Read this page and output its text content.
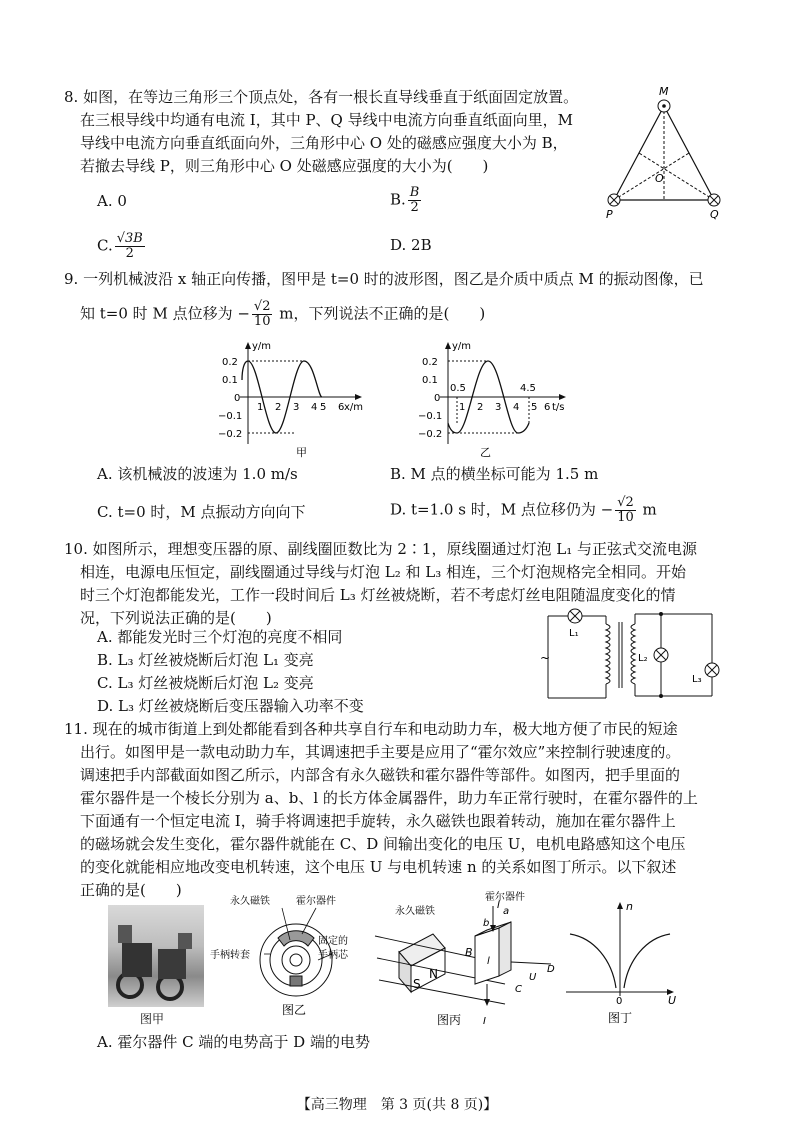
8. 如图，在等边三角形三个顶点处，各有一根长直导线垂直于纸面固定放置。
在三根导线中均通有电流 I，其中 P、Q 导线中电流方向垂直纸面向里，M
导线中电流方向垂直纸面向外，三角形中心 O 处的磁感应强度大小为 B，
若撤去导线 P，则三角形中心 O 处磁感应强度的大小为(　　)
A. 0	B. $\frac{B}{2}$
C. $\frac{√3B}{2}$	D. 2B
M
O
P	Q
9. 一列机械波沿 x 轴正向传播，图甲是 t=0 时的波形图，图乙是介质中质点 M 的振动图像，已
知 t=0 时 M 点位移为 − $\frac{√2}{10}$ m，下列说法不正确的是(　　)
y/m
x/m
0.2
0.1
0
−0.1
−0.2
1 2 3 4 5 6
甲
y/m
t/s
0.2
0.1
0
−0.1
−0.2
0.5	4.5
1 2 3 4 5 6
乙
A. 该机械波的波速为 1.0 m/s	B. M 点的横坐标可能为 1.5 m
C. t=0 时，M 点振动方向向下	D. t=1.0 s 时，M 点位移仍为 − $\frac{√2}{10}$ m
10. 如图所示，理想变压器的原、副线圈匝数比为 2∶1，原线圈通过灯泡 L₁ 与正弦式交流电源
相连，电源电压恒定，副线圈通过导线与灯泡 L₂ 和 L₃ 相连，三个灯泡规格完全相同。开始
时三个灯泡都能发光，工作一段时间后 L₃ 灯丝被烧断，若不考虑灯丝电阻随温度变化的情
况，下列说法正确的是(　　)
A. 都能发光时三个灯泡的亮度不相同
B. L₃ 灯丝被烧断后灯泡 L₁ 变亮
C. L₃ 灯丝被烧断后灯泡 L₂ 变亮
D. L₃ 灯丝被烧断后变压器输入功率不变
L₁
~	L₂
L₃
11. 现在的城市街道上到处都能看到各种共享自行车和电动助力车，极大地方便了市民的短途
出行。如图甲是一款电动助力车，其调速把手主要是应用了“霍尔效应”来控制行驶速度的。
调速把手内部截面如图乙所示，内部含有永久磁铁和霍尔器件等部件。如图丙，把手里面的
霍尔器件是一个棱长分别为 a、b、l 的长方体金属器件，助力车正常行驶时，在霍尔器件的上
下面通有一个恒定电流 I，骑手将调速把手旋转，永久磁铁也跟着转动，施加在霍尔器件上
的磁场就会发生变化，霍尔器件就能在 C、D 间输出变化的电压 U，电机电路感知这个电压
的变化就能相应地改变电机转速，这个电压 U 与电机转速 n 的关系如图丁所示。以下叙述
正确的是(　　)
图甲
永久磁铁	霍尔器件
手柄转套
固定的
手柄芯
图乙
S
N
B
b
a
l
I
I
C
D
U
永久磁铁
霍尔器件
图丙
n
U
0
图丁
A. 霍尔器件 C 端的电势高于 D 端的电势
【高三物理　第 3 页(共 8 页)】
